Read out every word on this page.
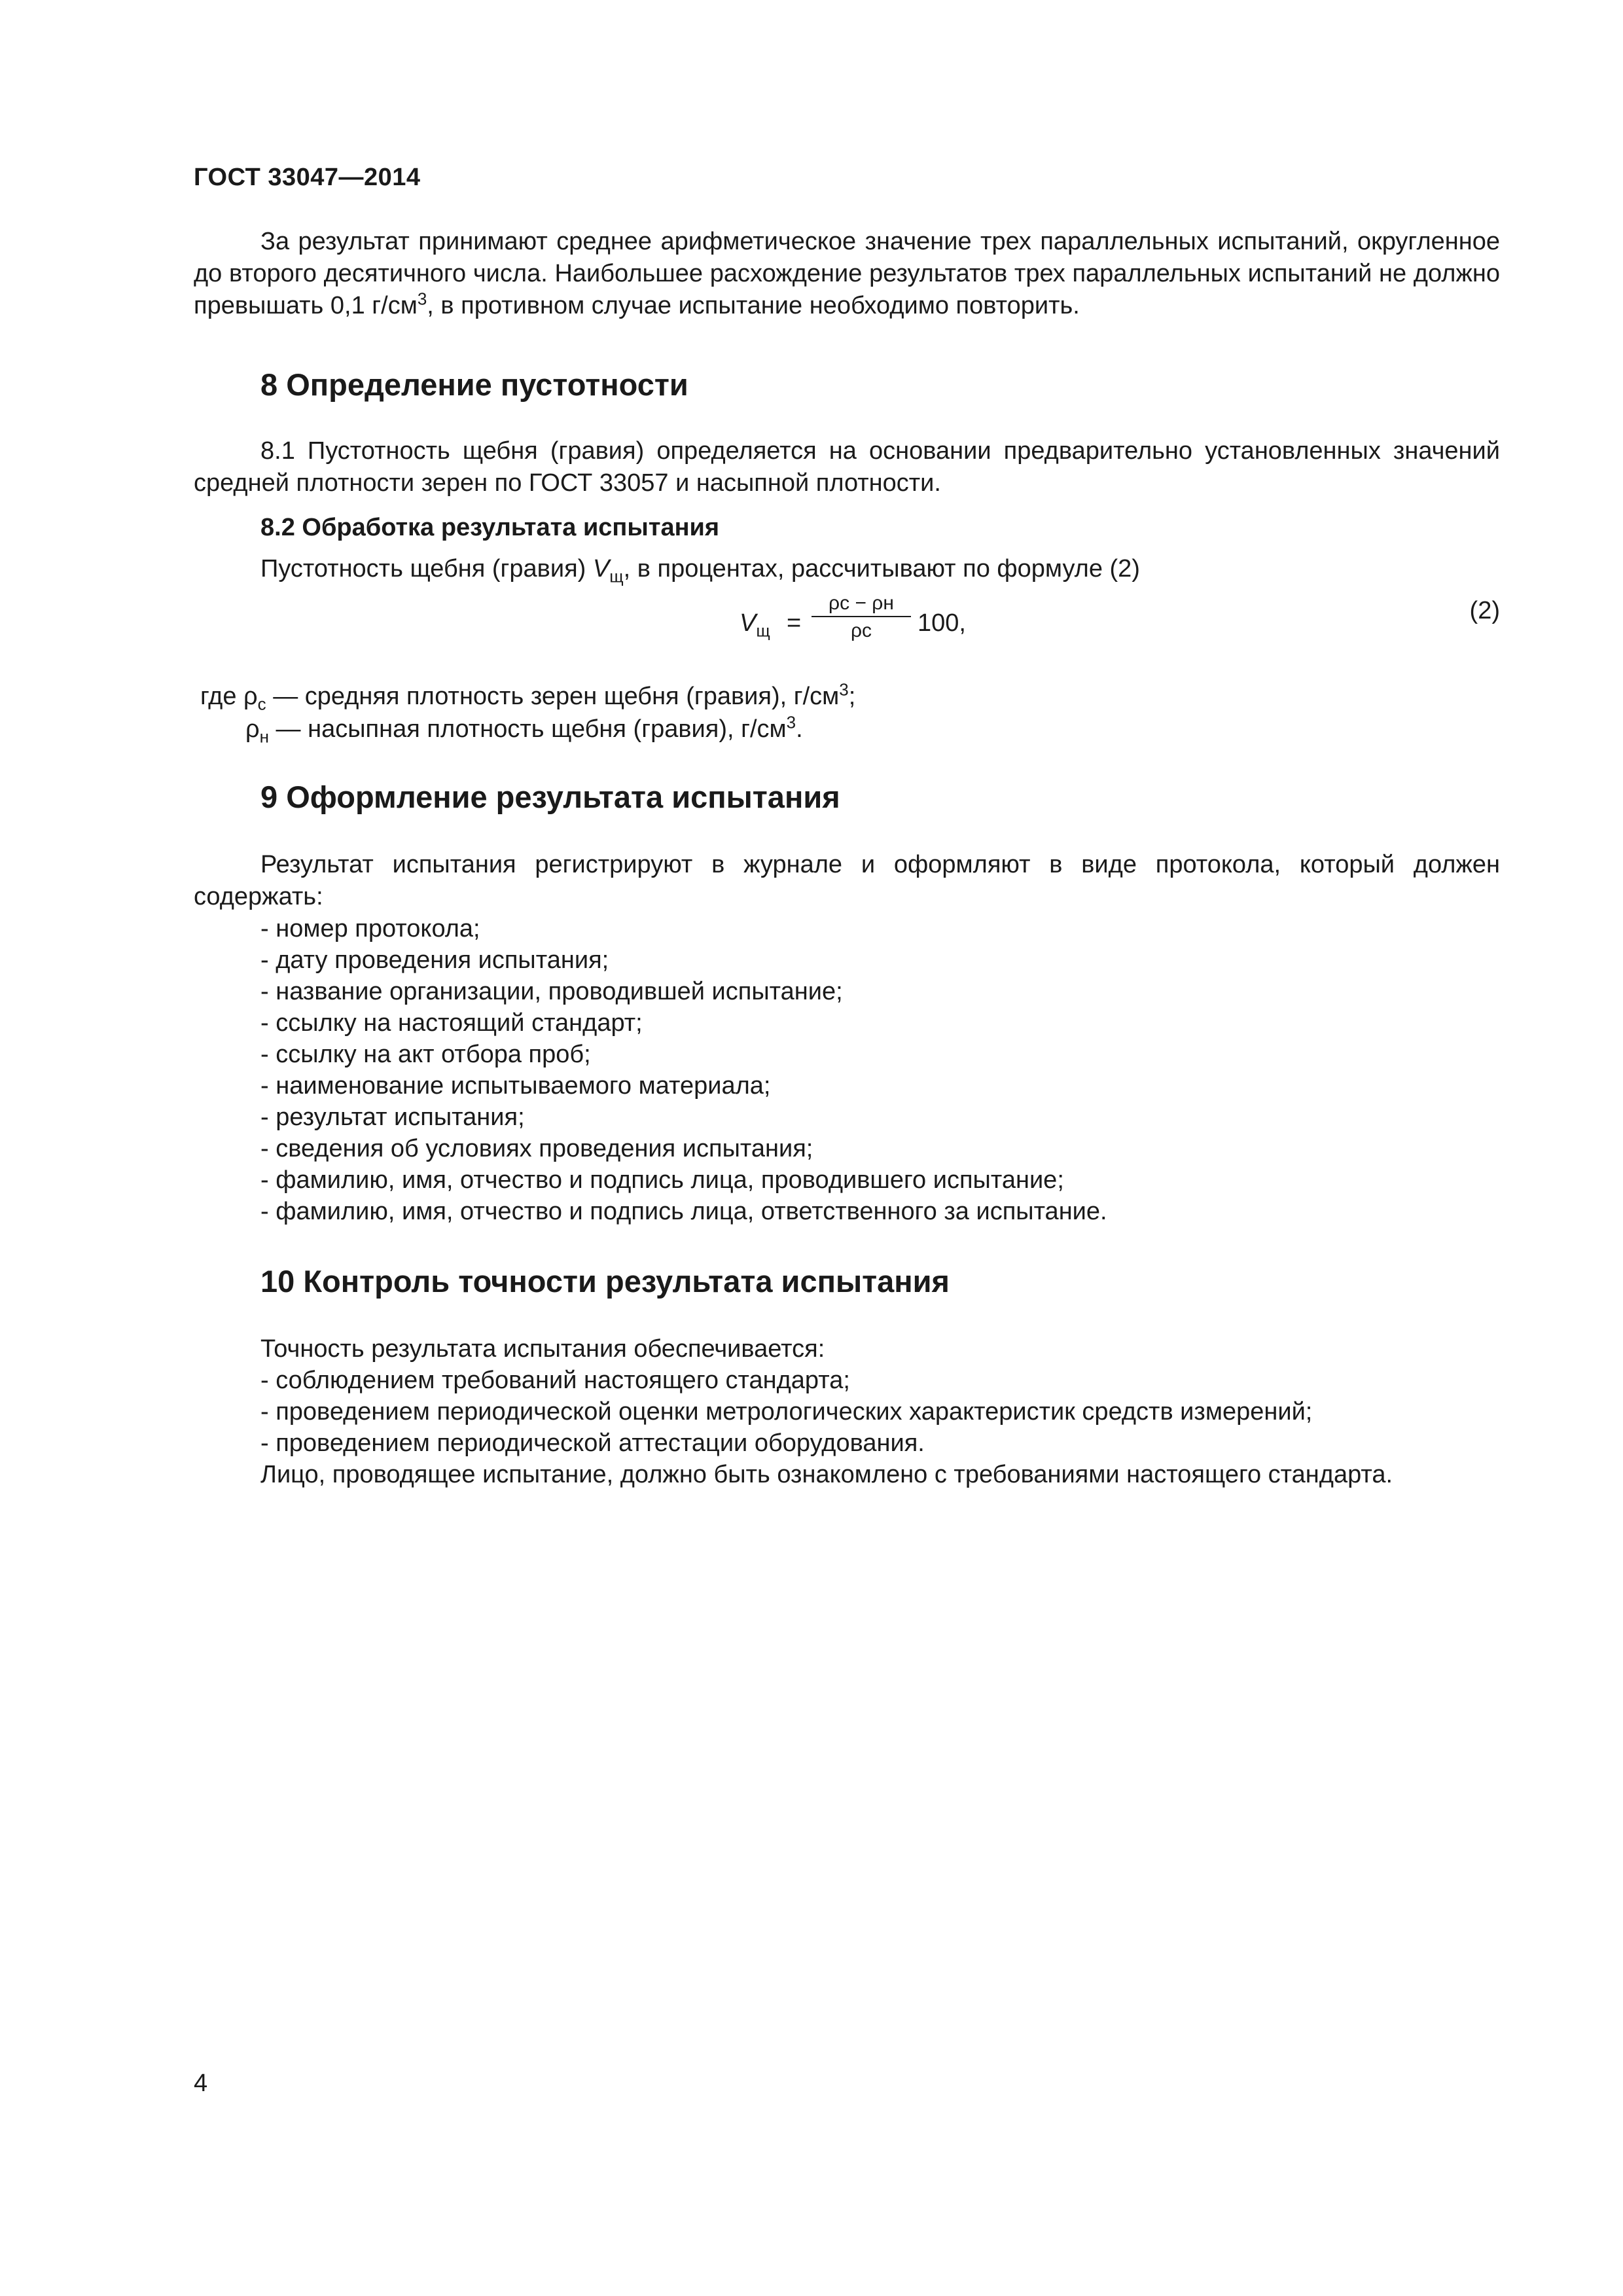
ГОСТ 33047—2014

За результат принимают среднее арифметическое значение трех параллельных испытаний, округленное до второго десятичного числа. Наибольшее расхождение результатов трех параллельных испытаний не должно превышать 0,1 $г/см^3$, в противном случае испытание необходимо повторить.

8 Определение пустотности

8.1 Пустотность щебня (гравия) определяется на основании предварительно установленных значений средней плотности зерен по ГОСТ 33057 и насыпной плотности.

8.2 Обработка результата испытания

Пустотность щебня (гравия) $V_щ$, в процентах, рассчитывают по формуле (2)

$V_щ$ =
ρс − ρн
ρс	100,	(2)

где $\rho_с$ — средняя плотность зерен щебня (гравия), $г/см^3$;

$\rho_н$ — насыпная плотность щебня (гравия), $г/см^3$.

9 Оформление результата испытания

Результат испытания регистрируют в журнале и оформляют в виде протокола, который должен содержать:

- номер протокола;

- дату проведения испытания;

- название организации, проводившей испытание;

- ссылку на настоящий стандарт;

- ссылку на акт отбора проб;

- наименование испытываемого материала;

- результат испытания;

- сведения об условиях проведения испытания;

- фамилию, имя, отчество и подпись лица, проводившего испытание;

- фамилию, имя, отчество и подпись лица, ответственного за испытание.

10 Контроль точности результата испытания

Точность результата испытания обеспечивается:

- соблюдением требований настоящего стандарта;

- проведением периодической оценки метрологических характеристик средств измерений;

- проведением периодической аттестации оборудования.

Лицо, проводящее испытание, должно быть ознакомлено с требованиями настоящего стандарта.

4
